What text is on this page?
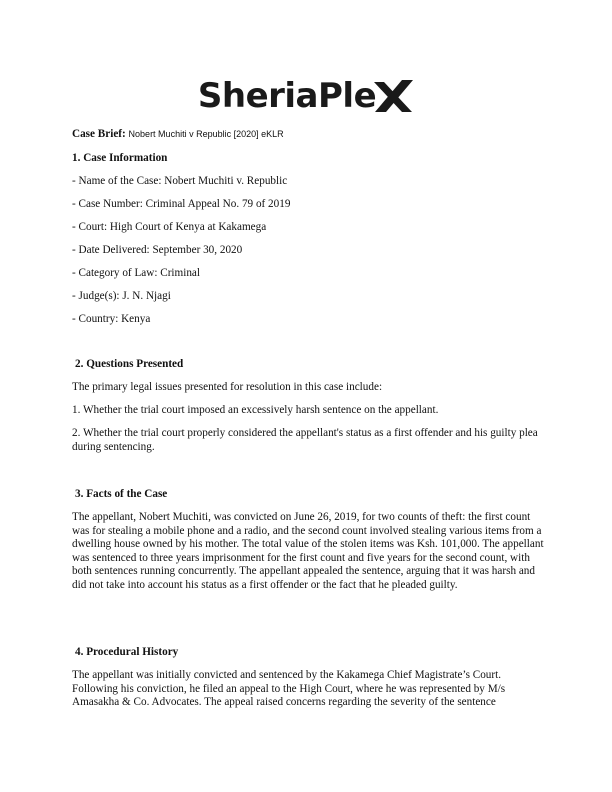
SheriaPle
Case Brief: Nobert Muchiti v Republic [2020] eKLR
1. Case Information
- Name of the Case: Nobert Muchiti v. Republic
- Case Number: Criminal Appeal No. 79 of 2019
- Court: High Court of Kenya at Kakamega
- Date Delivered: September 30, 2020
- Category of Law: Criminal
- Judge(s): J. N. Njagi
- Country: Kenya
2. Questions Presented
The primary legal issues presented for resolution in this case include:
1. Whether the trial court imposed an excessively harsh sentence on the appellant.
2. Whether the trial court properly considered the appellant's status as a first offender and his guilty plea during sentencing.
3. Facts of the Case
The appellant, Nobert Muchiti, was convicted on June 26, 2019, for two counts of theft: the first count was for stealing a mobile phone and a radio, and the second count involved stealing various items from a dwelling house owned by his mother. The total value of the stolen items was Ksh. 101,000. The appellant was sentenced to three years imprisonment for the first count and five years for the second count, with both sentences running concurrently. The appellant appealed the sentence, arguing that it was harsh and did not take into account his status as a first offender or the fact that he pleaded guilty.
4. Procedural History
The appellant was initially convicted and sentenced by the Kakamega Chief Magistrate’s Court. Following his conviction, he filed an appeal to the High Court, where he was represented by M/s Amasakha & Co. Advocates. The appeal raised concerns regarding the severity of the sentence
